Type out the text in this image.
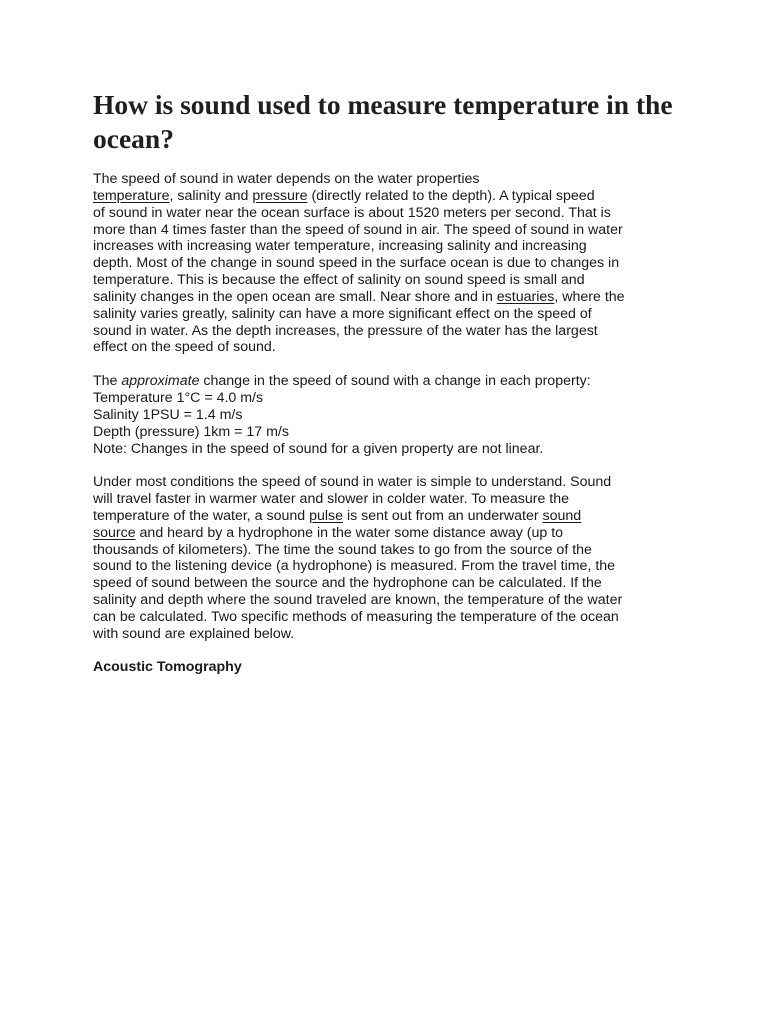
How is sound used to measure temperature in the ocean?
The speed of sound in water depends on the water properties
temperature, salinity and pressure (directly related to the depth). A typical speed
of sound in water near the ocean surface is about 1520 meters per second. That is
more than 4 times faster than the speed of sound in air. The speed of sound in water
increases with increasing water temperature, increasing salinity and increasing
depth. Most of the change in sound speed in the surface ocean is due to changes in
temperature. This is because the effect of salinity on sound speed is small and
salinity changes in the open ocean are small. Near shore and in estuaries, where the
salinity varies greatly, salinity can have a more significant effect on the speed of
sound in water. As the depth increases, the pressure of the water has the largest
effect on the speed of sound.
The approximate change in the speed of sound with a change in each property:
Temperature 1°C = 4.0 m/s
Salinity 1PSU = 1.4 m/s
Depth (pressure) 1km = 17 m/s
Note: Changes in the speed of sound for a given property are not linear.
Under most conditions the speed of sound in water is simple to understand. Sound
will travel faster in warmer water and slower in colder water. To measure the
temperature of the water, a sound pulse is sent out from an underwater sound
source and heard by a hydrophone in the water some distance away (up to
thousands of kilometers). The time the sound takes to go from the source of the
sound to the listening device (a hydrophone) is measured. From the travel time, the
speed of sound between the source and the hydrophone can be calculated. If the
salinity and depth where the sound traveled are known, the temperature of the water
can be calculated. Two specific methods of measuring the temperature of the ocean
with sound are explained below.
Acoustic Tomography
